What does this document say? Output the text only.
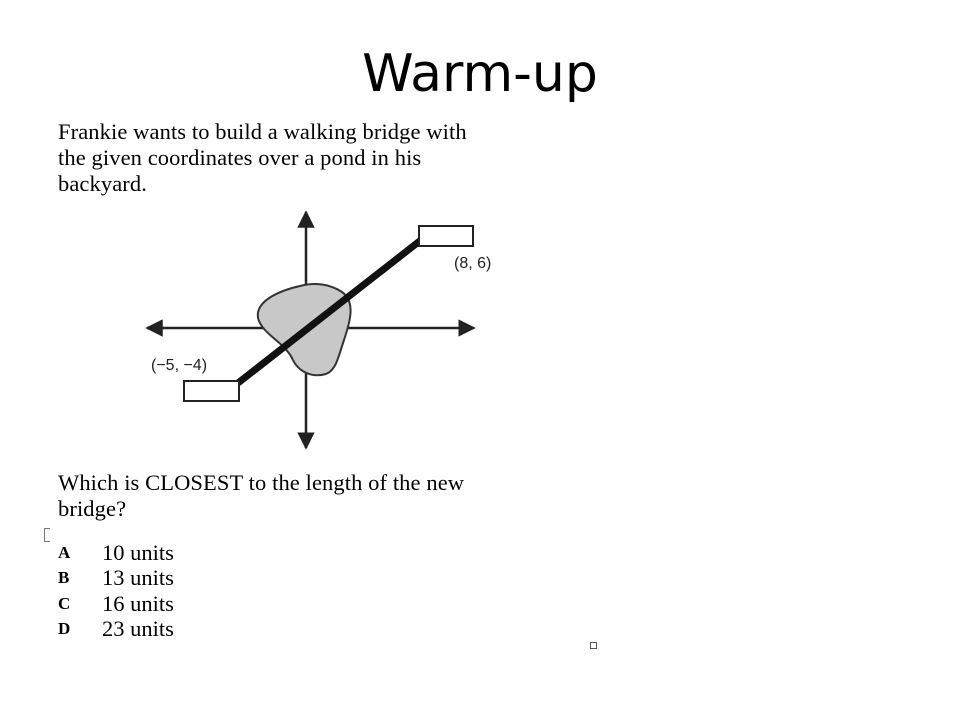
Warm-up
Frankie wants to build a walking bridge with
the given coordinates over a pond in his
backyard.
(−5, −4)
(8, 6)
Which is CLOSEST to the length of the new
bridge?
A 10 units
B 13 units
C 16 units
D 23 units
